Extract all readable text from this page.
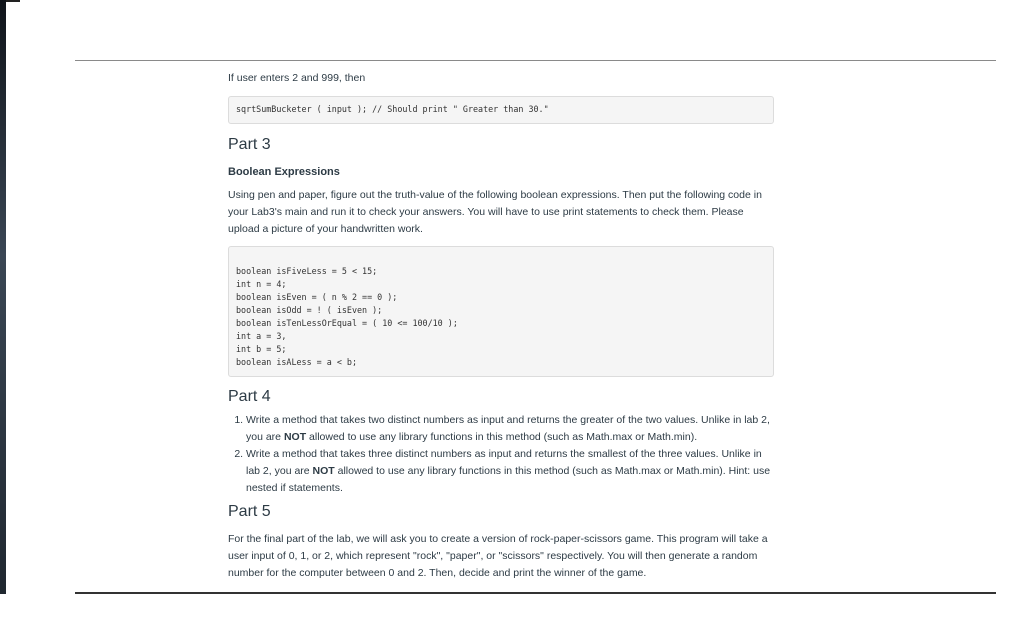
If user enters 2 and 999, then

sqrtSumBucketer ( input ); // Should print " Greater than 30."
Part 3
Boolean Expressions

Using pen and paper, figure out the truth-value of the following boolean expressions. Then put the following code in your Lab3's main and run it to check your answers. You will have to use print statements to check them. Please upload a picture of your handwritten work.

boolean isFiveLess = 5 < 15;
int n = 4;
boolean isEven = ( n % 2 == 0 );
boolean isOdd = ! ( isEven );
boolean isTenLessOrEqual = ( 10 <= 100/10 );
int a = 3,
int b = 5;
boolean isALess = a < b;
Part 4
1. Write a method that takes two distinct numbers as input and returns the greater of the two values. Unlike in lab 2, you are NOT allowed to use any library functions in this method (such as Math.max or Math.min).
2. Write a method that takes three distinct numbers as input and returns the smallest of the three values. Unlike in lab 2, you are NOT allowed to use any library functions in this method (such as Math.max or Math.min). Hint: use nested if statements.
Part 5

For the final part of the lab, we will ask you to create a version of rock-paper-scissors game. This program will take a user input of 0, 1, or 2, which represent "rock", "paper", or "scissors" respectively. You will then generate a random number for the computer between 0 and 2. Then, decide and print the winner of the game.
